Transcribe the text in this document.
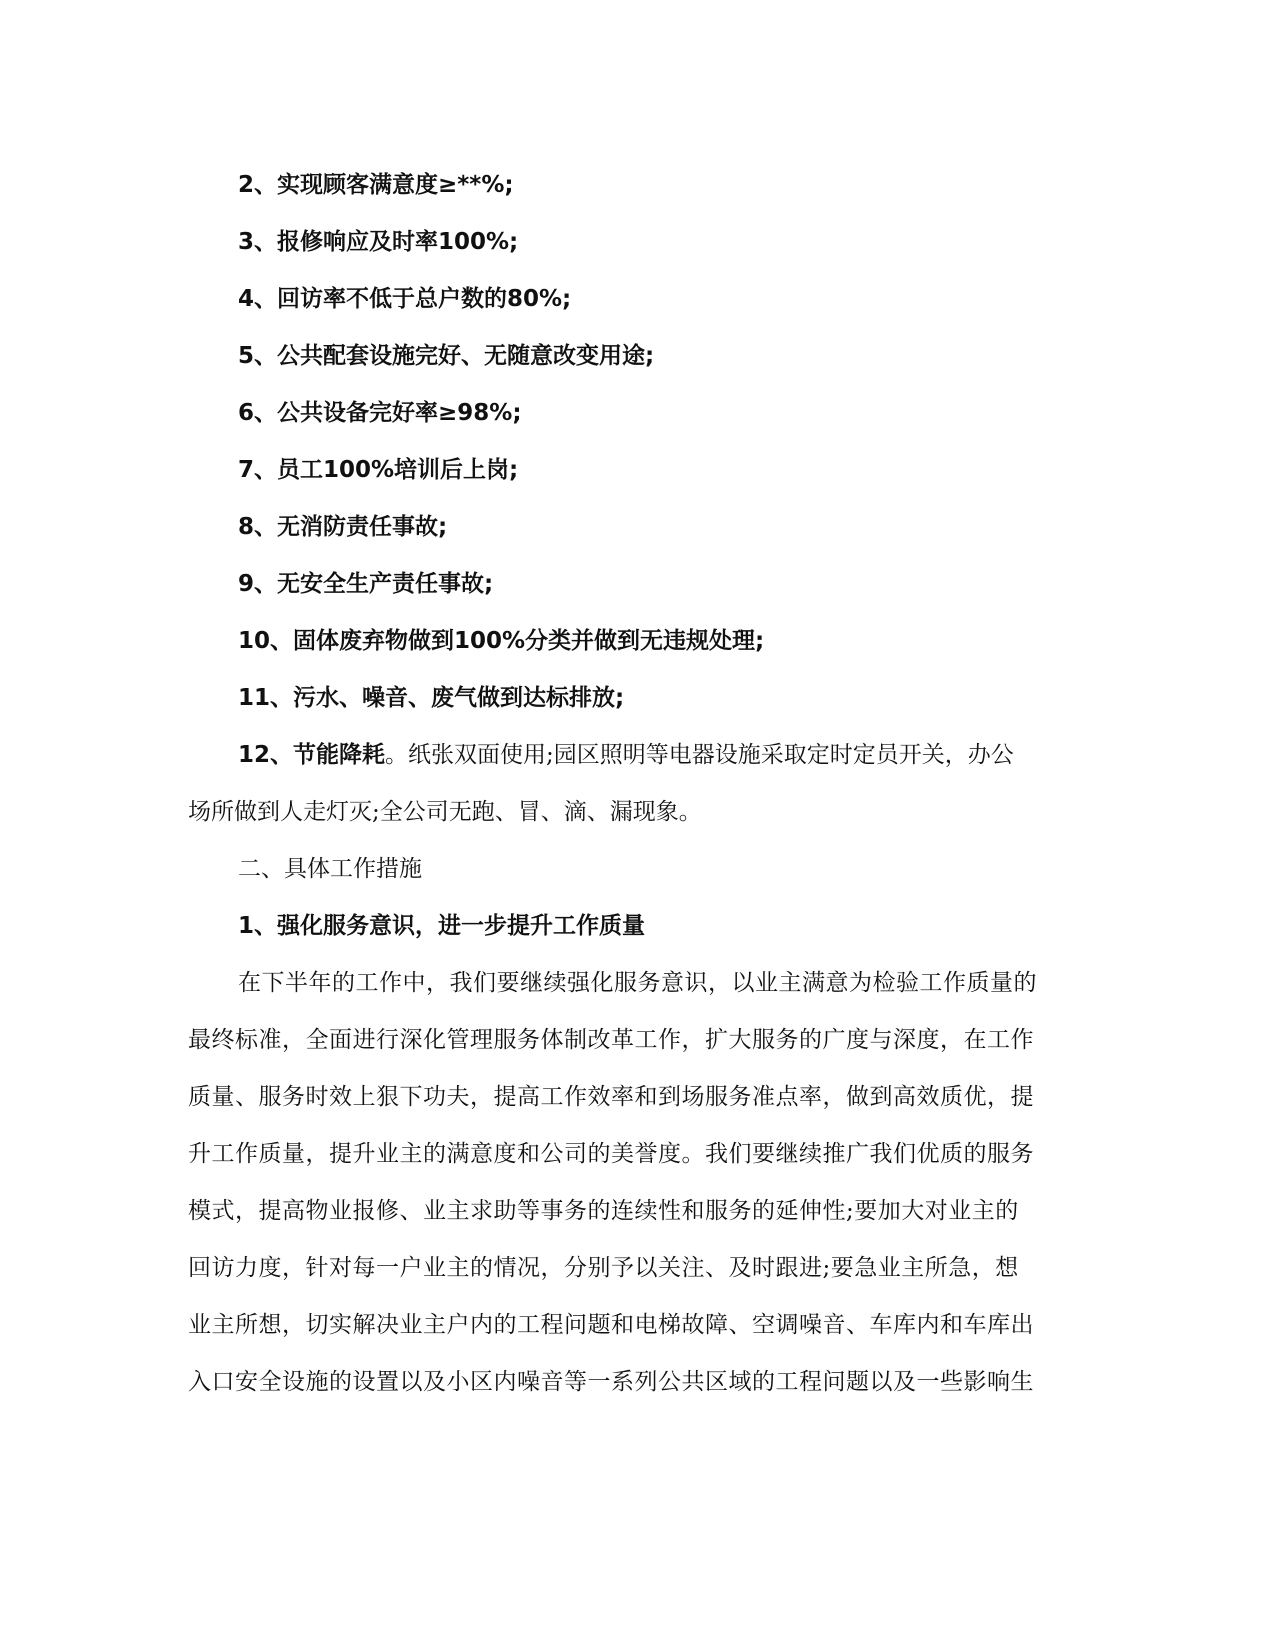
2、实现顾客满意度≥**%;
3、报修响应及时率100%;
4、回访率不低于总户数的80%;
5、公共配套设施完好、无随意改变用途;
6、公共设备完好率≥98%;
7、员工100%培训后上岗;
8、无消防责任事故;
9、无安全生产责任事故;
10、固体废弃物做到100%分类并做到无违规处理;
11、污水、噪音、废气做到达标排放;
12、节能降耗。纸张双面使用;园区照明等电器设施采取定时定员开关，办公
场所做到人走灯灭;全公司无跑、冒、滴、漏现象。
二、具体工作措施
1、强化服务意识，进一步提升工作质量
在下半年的工作中，我们要继续强化服务意识，以业主满意为检验工作质量的
最终标准，全面进行深化管理服务体制改革工作，扩大服务的广度与深度，在工作
质量、服务时效上狠下功夫，提高工作效率和到场服务准点率，做到高效质优，提
升工作质量，提升业主的满意度和公司的美誉度。我们要继续推广我们优质的服务
模式，提高物业报修、业主求助等事务的连续性和服务的延伸性;要加大对业主的
回访力度，针对每一户业主的情况，分别予以关注、及时跟进;要急业主所急，想
业主所想，切实解决业主户内的工程问题和电梯故障、空调噪音、车库内和车库出
入口安全设施的设置以及小区内噪音等一系列公共区域的工程问题以及一些影响生
